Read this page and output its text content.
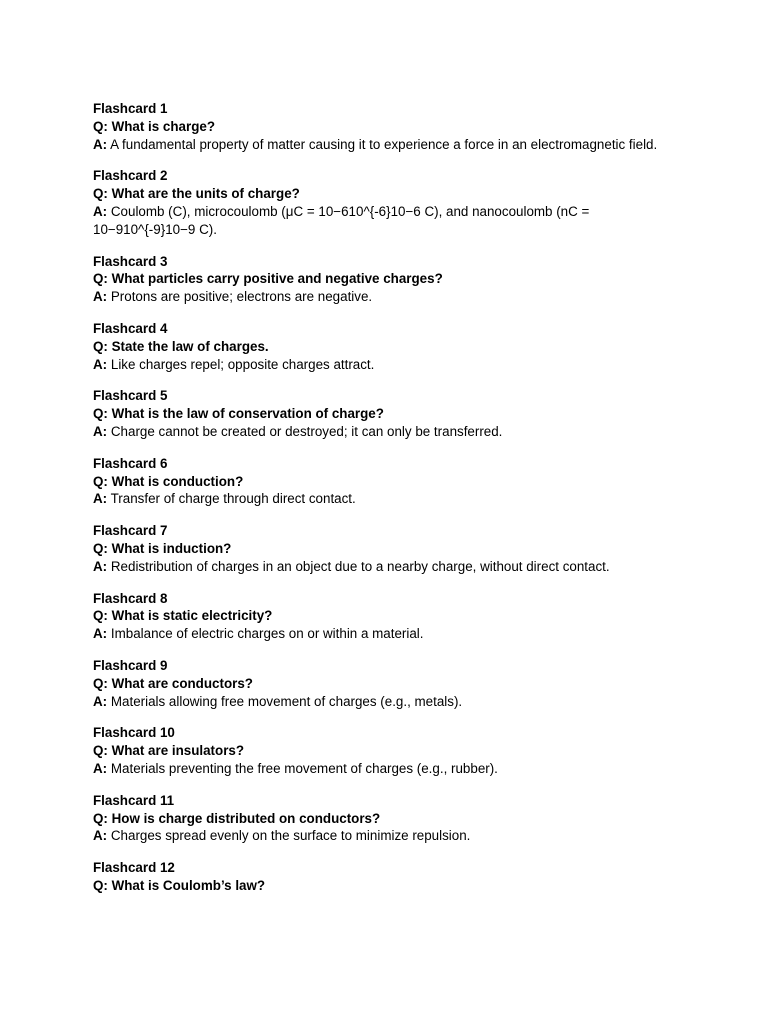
Flashcard 1
Q: What is charge?
A: A fundamental property of matter causing it to experience a force in an electromagnetic field.
Flashcard 2
Q: What are the units of charge?
A: Coulomb (C), microcoulomb (μC = 10−610^{-6}10−6 C), and nanocoulomb (nC = 10−910^{-9}10−9 C).
Flashcard 3
Q: What particles carry positive and negative charges?
A: Protons are positive; electrons are negative.
Flashcard 4
Q: State the law of charges.
A: Like charges repel; opposite charges attract.
Flashcard 5
Q: What is the law of conservation of charge?
A: Charge cannot be created or destroyed; it can only be transferred.
Flashcard 6
Q: What is conduction?
A: Transfer of charge through direct contact.
Flashcard 7
Q: What is induction?
A: Redistribution of charges in an object due to a nearby charge, without direct contact.
Flashcard 8
Q: What is static electricity?
A: Imbalance of electric charges on or within a material.
Flashcard 9
Q: What are conductors?
A: Materials allowing free movement of charges (e.g., metals).
Flashcard 10
Q: What are insulators?
A: Materials preventing the free movement of charges (e.g., rubber).
Flashcard 11
Q: How is charge distributed on conductors?
A: Charges spread evenly on the surface to minimize repulsion.
Flashcard 12
Q: What is Coulomb’s law?
